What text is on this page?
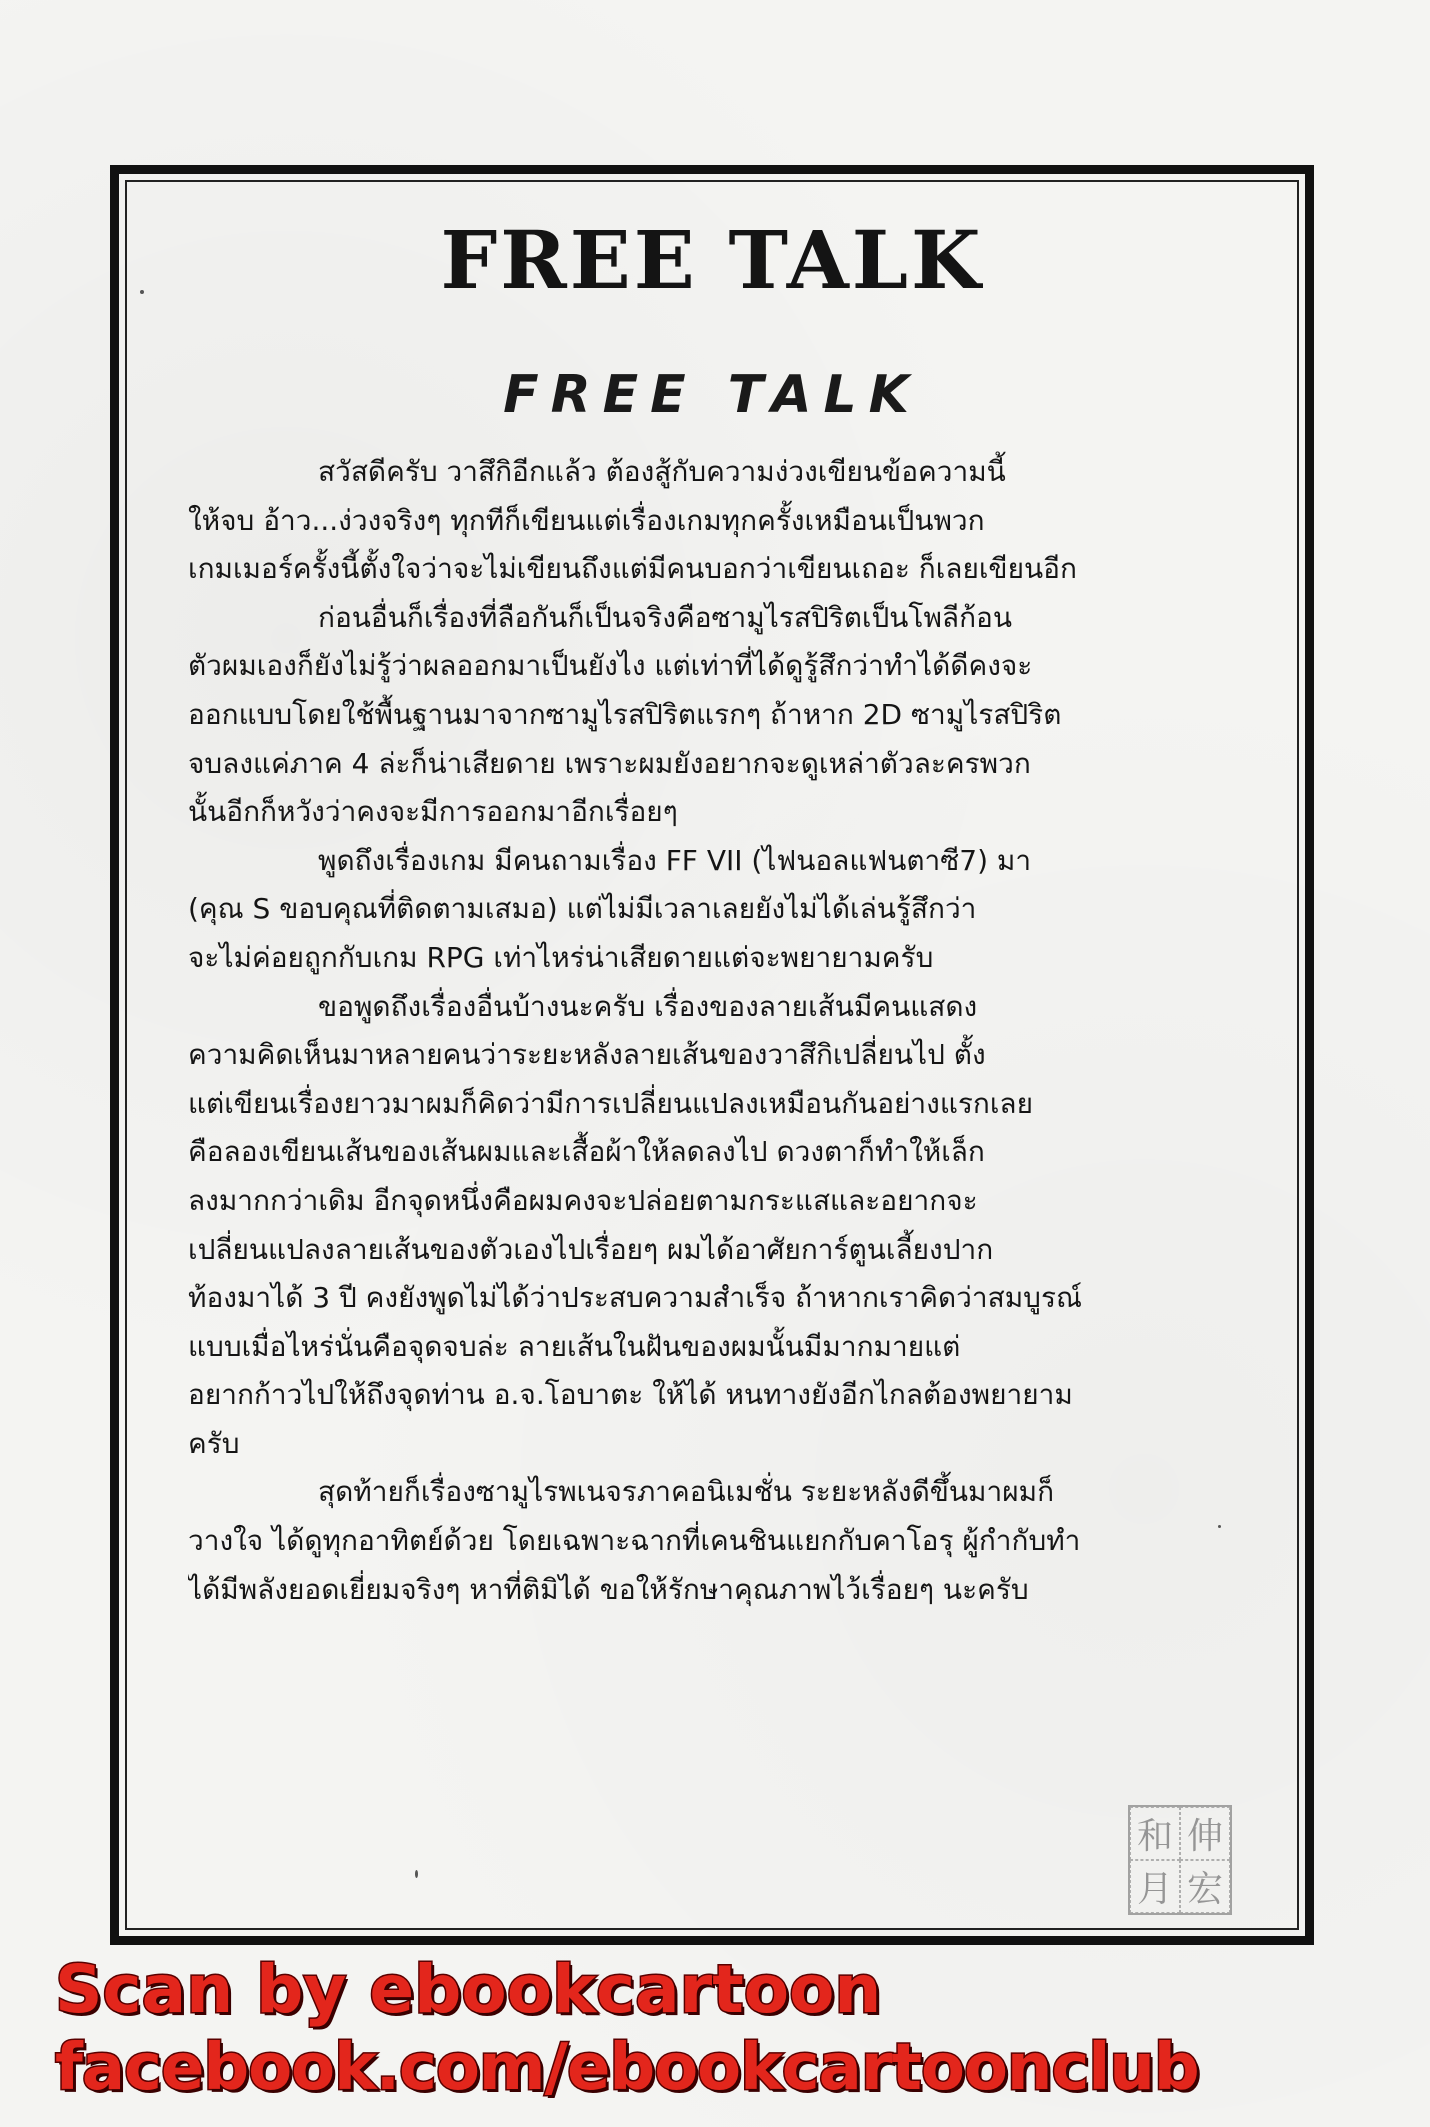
FREE TALK
FREE TALK
สวัสดีครับ วาสึกิอีกแล้ว ต้องสู้กับความง่วงเขียนข้อความนี้
ให้จบ อ้าว...ง่วงจริงๆ ทุกทีก็เขียนแต่เรื่องเกมทุกครั้งเหมือนเป็นพวก
เกมเมอร์ครั้งนี้ตั้งใจว่าจะไม่เขียนถึงแต่มีคนบอกว่าเขียนเถอะ ก็เลยเขียนอีก
ก่อนอื่นก็เรื่องที่ลือกันก็เป็นจริงคือซามูไรสปิริตเป็นโพลีก้อน
ตัวผมเองก็ยังไม่รู้ว่าผลออกมาเป็นยังไง แต่เท่าที่ได้ดูรู้สึกว่าทำได้ดีคงจะ
ออกแบบโดยใช้พื้นฐานมาจากซามูไรสปิริตแรกๆ ถ้าหาก 2D ซามูไรสปิริต
จบลงแค่ภาค 4 ล่ะก็น่าเสียดาย เพราะผมยังอยากจะดูเหล่าตัวละครพวก
นั้นอีกก็หวังว่าคงจะมีการออกมาอีกเรื่อยๆ
พูดถึงเรื่องเกม มีคนถามเรื่อง FF VII (ไฟนอลแฟนตาซี7) มา
(คุณ S ขอบคุณที่ติดตามเสมอ) แต่ไม่มีเวลาเลยยังไม่ได้เล่นรู้สึกว่า
จะไม่ค่อยถูกกับเกม RPG เท่าไหร่น่าเสียดายแต่จะพยายามครับ
ขอพูดถึงเรื่องอื่นบ้างนะครับ เรื่องของลายเส้นมีคนแสดง
ความคิดเห็นมาหลายคนว่าระยะหลังลายเส้นของวาสึกิเปลี่ยนไป ตั้ง
แต่เขียนเรื่องยาวมาผมก็คิดว่ามีการเปลี่ยนแปลงเหมือนกันอย่างแรกเลย
คือลองเขียนเส้นของเส้นผมและเสื้อผ้าให้ลดลงไป ดวงตาก็ทำให้เล็ก
ลงมากกว่าเดิม อีกจุดหนึ่งคือผมคงจะปล่อยตามกระแสและอยากจะ
เปลี่ยนแปลงลายเส้นของตัวเองไปเรื่อยๆ ผมได้อาศัยการ์ตูนเลี้ยงปาก
ท้องมาได้ 3 ปี คงยังพูดไม่ได้ว่าประสบความสำเร็จ ถ้าหากเราคิดว่าสมบูรณ์
แบบเมื่อไหร่นั่นคือจุดจบล่ะ ลายเส้นในฝันของผมนั้นมีมากมายแต่
อยากก้าวไปให้ถึงจุดท่าน อ.จ.โอบาตะ ให้ได้ หนทางยังอีกไกลต้องพยายาม
ครับ
สุดท้ายก็เรื่องซามูไรพเนจรภาคอนิเมชั่น ระยะหลังดีขึ้นมาผมก็
วางใจ ได้ดูทุกอาทิตย์ด้วย โดยเฉพาะฉากที่เคนชินแยกกับคาโอรุ ผู้กำกับทำ
ได้มีพลังยอดเยี่ยมจริงๆ หาที่ติมิได้ ขอให้รักษาคุณภาพไว้เรื่อยๆ นะครับ
和 伸
月 宏
Scan by ebookcartoon
facebook.com/ebookcartoonclub
